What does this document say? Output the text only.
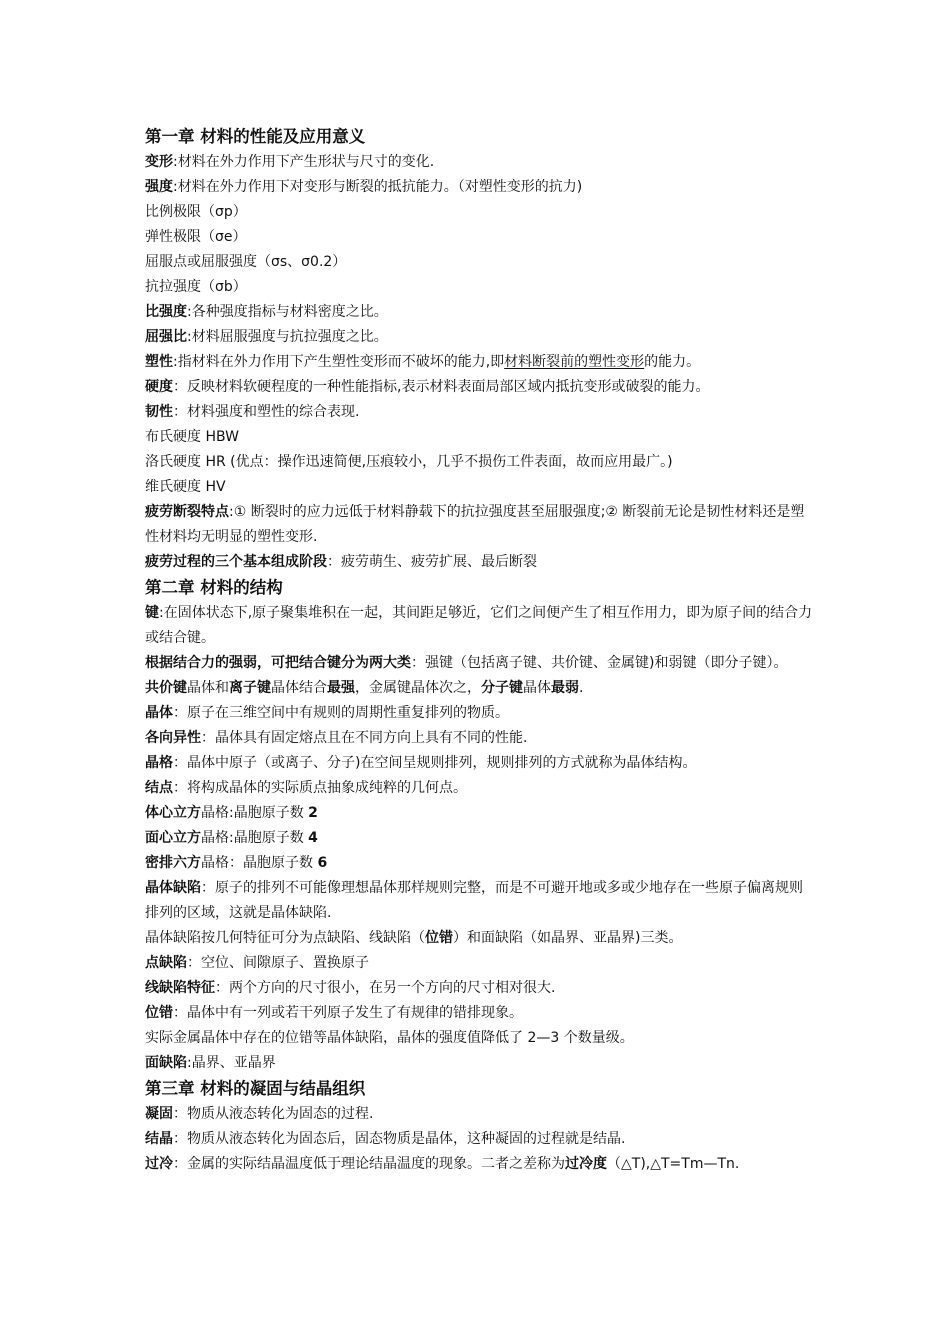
第一章 材料的性能及应用意义
变形:材料在外力作用下产生形状与尺寸的变化.
强度:材料在外力作用下对变形与断裂的抵抗能力。（对塑性变形的抗力)
比例极限（σp）
弹性极限（σe）
屈服点或屈服强度（σs、σ0.2）
抗拉强度（σb）
比强度:各种强度指标与材料密度之比。
屈强比:材料屈服强度与抗拉强度之比。
塑性:指材料在外力作用下产生塑性变形而不破坏的能力,即材料断裂前的塑性变形的能力。
硬度：反映材料软硬程度的一种性能指标,表示材料表面局部区域内抵抗变形或破裂的能力。
韧性：材料强度和塑性的综合表现.
布氏硬度 HBW
洛氏硬度 HR (优点：操作迅速简便,压痕较小，几乎不损伤工件表面，故而应用最广。)
维氏硬度 HV
疲劳断裂特点:① 断裂时的应力远低于材料静载下的抗拉强度甚至屈服强度;② 断裂前无论是韧性材料还是塑性材料均无明显的塑性变形.
疲劳过程的三个基本组成阶段：疲劳萌生、疲劳扩展、最后断裂
第二章 材料的结构
键:在固体状态下,原子聚集堆积在一起，其间距足够近，它们之间便产生了相互作用力，即为原子间的结合力或结合键。
根据结合力的强弱，可把结合键分为两大类：强键（包括离子键、共价键、金属键)和弱键（即分子键）。
共价键晶体和离子键晶体结合最强，金属键晶体次之，分子键晶体最弱.
晶体：原子在三维空间中有规则的周期性重复排列的物质。
各向异性：晶体具有固定熔点且在不同方向上具有不同的性能.
晶格：晶体中原子（或离子、分子)在空间呈规则排列，规则排列的方式就称为晶体结构。
结点：将构成晶体的实际质点抽象成纯粹的几何点。
体心立方晶格:晶胞原子数 2
面心立方晶格:晶胞原子数 4
密排六方晶格：晶胞原子数 6
晶体缺陷：原子的排列不可能像理想晶体那样规则完整，而是不可避开地或多或少地存在一些原子偏离规则排列的区域，这就是晶体缺陷.
晶体缺陷按几何特征可分为点缺陷、线缺陷（位错）和面缺陷（如晶界、亚晶界)三类。
点缺陷：空位、间隙原子、置换原子
线缺陷特征：两个方向的尺寸很小，在另一个方向的尺寸相对很大.
位错：晶体中有一列或若干列原子发生了有规律的错排现象。
实际金属晶体中存在的位错等晶体缺陷，晶体的强度值降低了 2—3 个数量级。
面缺陷:晶界、亚晶界
第三章 材料的凝固与结晶组织
凝固：物质从液态转化为固态的过程.
结晶：物质从液态转化为固态后，固态物质是晶体，这种凝固的过程就是结晶.
过冷：金属的实际结晶温度低于理论结晶温度的现象。二者之差称为过冷度（△T),△T=Tm—Tn.
